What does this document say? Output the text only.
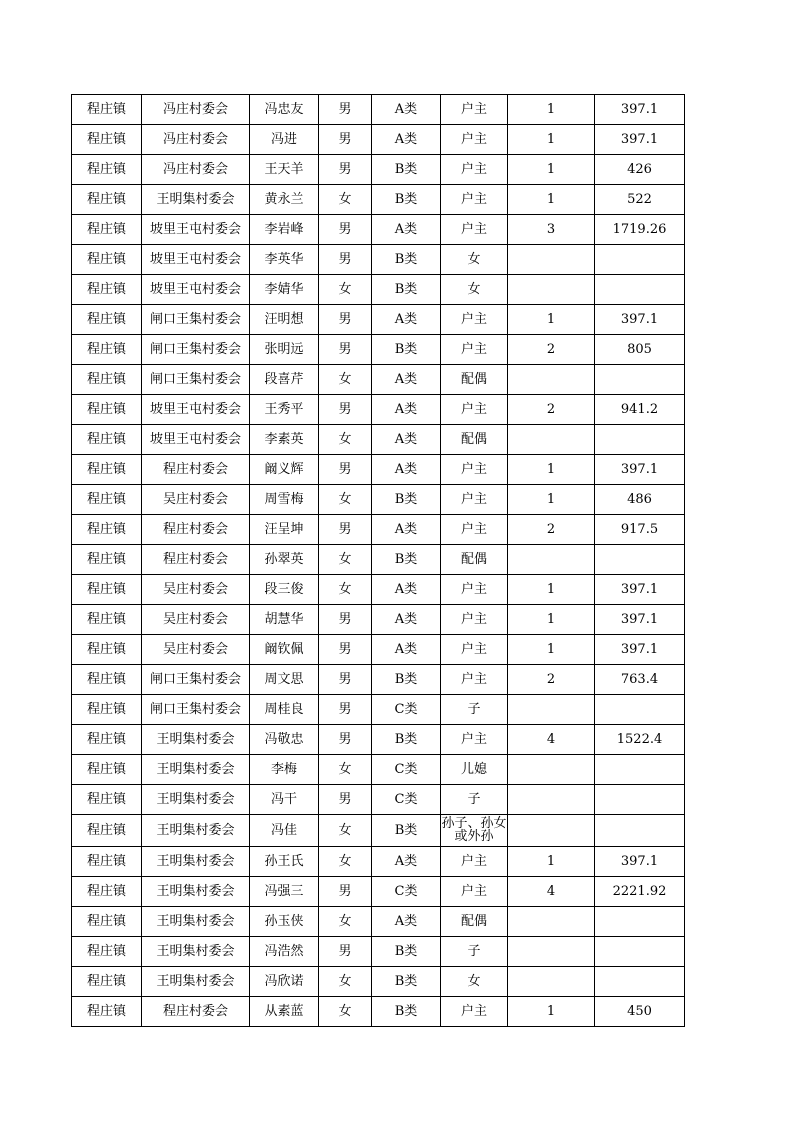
程庄镇	冯庄村委会	冯忠友	男	A类	户主	1	397.1
程庄镇	冯庄村委会	冯进	男	A类	户主	1	397.1
程庄镇	冯庄村委会	王天羊	男	B类	户主	1	426
程庄镇	王明集村委会	黄永兰	女	B类	户主	1	522
程庄镇	坡里王屯村委会	李岩峰	男	A类	户主	3	1719.26
程庄镇	坡里王屯村委会	李英华	男	B类	女		
程庄镇	坡里王屯村委会	李婧华	女	B类	女		
程庄镇	闸口王集村委会	汪明想	男	A类	户主	1	397.1
程庄镇	闸口王集村委会	张明远	男	B类	户主	2	805
程庄镇	闸口王集村委会	段喜芹	女	A类	配偶		
程庄镇	坡里王屯村委会	王秀平	男	A类	户主	2	941.2
程庄镇	坡里王屯村委会	李素英	女	A类	配偶		
程庄镇	程庄村委会	阚义辉	男	A类	户主	1	397.1
程庄镇	吴庄村委会	周雪梅	女	B类	户主	1	486
程庄镇	程庄村委会	汪呈坤	男	A类	户主	2	917.5
程庄镇	程庄村委会	孙翠英	女	B类	配偶		
程庄镇	吴庄村委会	段三俊	女	A类	户主	1	397.1
程庄镇	吴庄村委会	胡慧华	男	A类	户主	1	397.1
程庄镇	吴庄村委会	阚钦佩	男	A类	户主	1	397.1
程庄镇	闸口王集村委会	周文思	男	B类	户主	2	763.4
程庄镇	闸口王集村委会	周桂良	男	C类	子		
程庄镇	王明集村委会	冯敬忠	男	B类	户主	4	1522.4
程庄镇	王明集村委会	李梅	女	C类	儿媳		
程庄镇	王明集村委会	冯干	男	C类	子		
程庄镇	王明集村委会	冯佳	女	B类	孙子、孙女或外孙		
程庄镇	王明集村委会	孙王氏	女	A类	户主	1	397.1
程庄镇	王明集村委会	冯强三	男	C类	户主	4	2221.92
程庄镇	王明集村委会	孙玉侠	女	A类	配偶		
程庄镇	王明集村委会	冯浩然	男	B类	子		
程庄镇	王明集村委会	冯欣诺	女	B类	女		
程庄镇	程庄村委会	从素蓝	女	B类	户主	1	450
